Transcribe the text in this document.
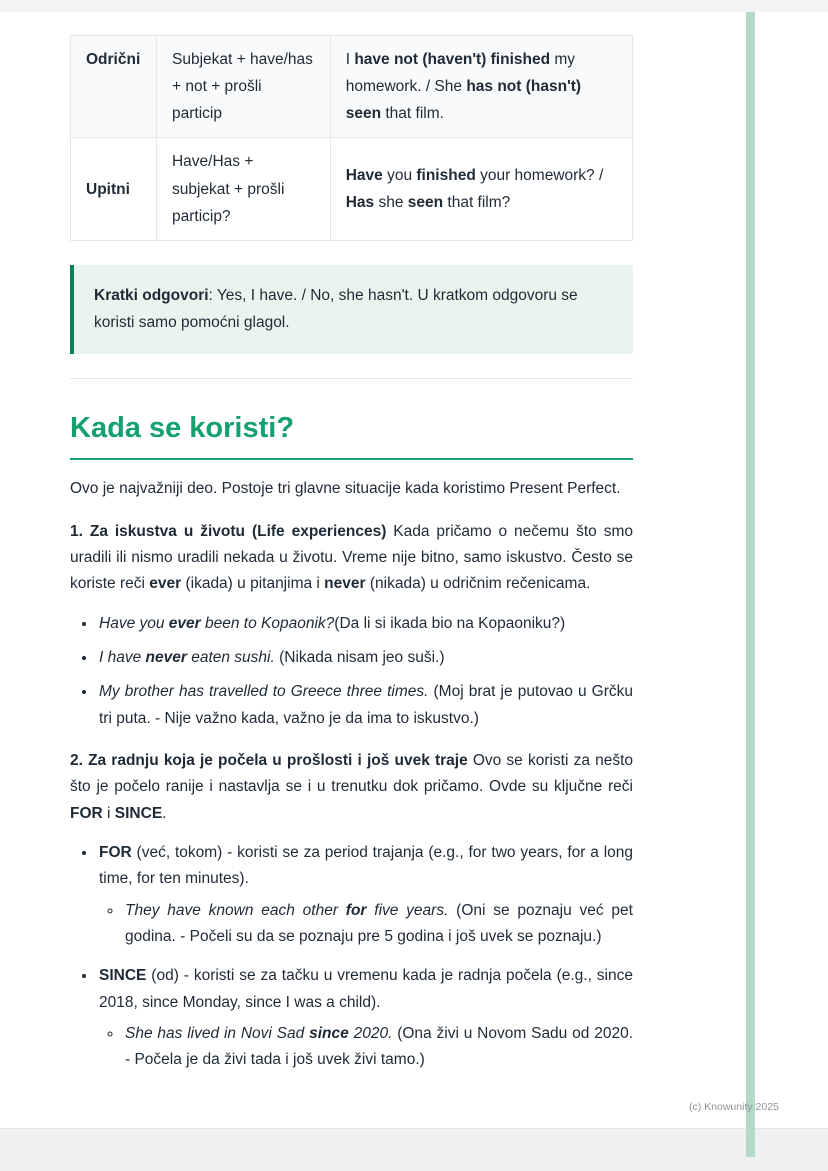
Odrični	Subjekat + have/has + not + prošli particip	I have not (haven't) finished my homework. / She has not (hasn't) seen that film.
Upitni	Have/Has + subjekat + prošli particip?	Have you finished your homework? / Has she seen that film?

Kratki odgovori: Yes, I have. / No, she hasn't. U kratkom odgovoru se koristi samo pomoćni glagol.

Kada se koristi?

Ovo je najvažniji deo. Postoje tri glavne situacije kada koristimo Present Perfect.

1. Za iskustva u životu (Life experiences) Kada pričamo o nečemu što smo uradili ili nismo uradili nekada u životu. Vreme nije bitno, samo iskustvo. Često se koriste reči ever (ikada) u pitanjima i never (nikada) u odričnim rečenicama.

• Have you ever been to Kopaonik?(Da li si ikada bio na Kopaoniku?)
• I have never eaten sushi. (Nikada nisam jeo suši.)
• My brother has travelled to Greece three times. (Moj brat je putovao u Grčku tri puta. - Nije važno kada, važno je da ima to iskustvo.)

2. Za radnju koja je počela u prošlosti i još uvek traje Ovo se koristi za nešto što je počelo ranije i nastavlja se i u trenutku dok pričamo. Ovde su ključne reči FOR i SINCE.

• FOR (već, tokom) - koristi se za period trajanja (e.g., for two years, for a long time, for ten minutes).
◦ They have known each other for five years. (Oni se poznaju već pet godina. - Počeli su da se poznaju pre 5 godina i još uvek se poznaju.)
• SINCE (od) - koristi se za tačku u vremenu kada je radnja počela (e.g., since 2018, since Monday, since I was a child).
◦ She has lived in Novi Sad since 2020. (Ona živi u Novom Sadu od 2020. - Počela je da živi tada i još uvek živi tamo.)
(c) Knowunity 2025
